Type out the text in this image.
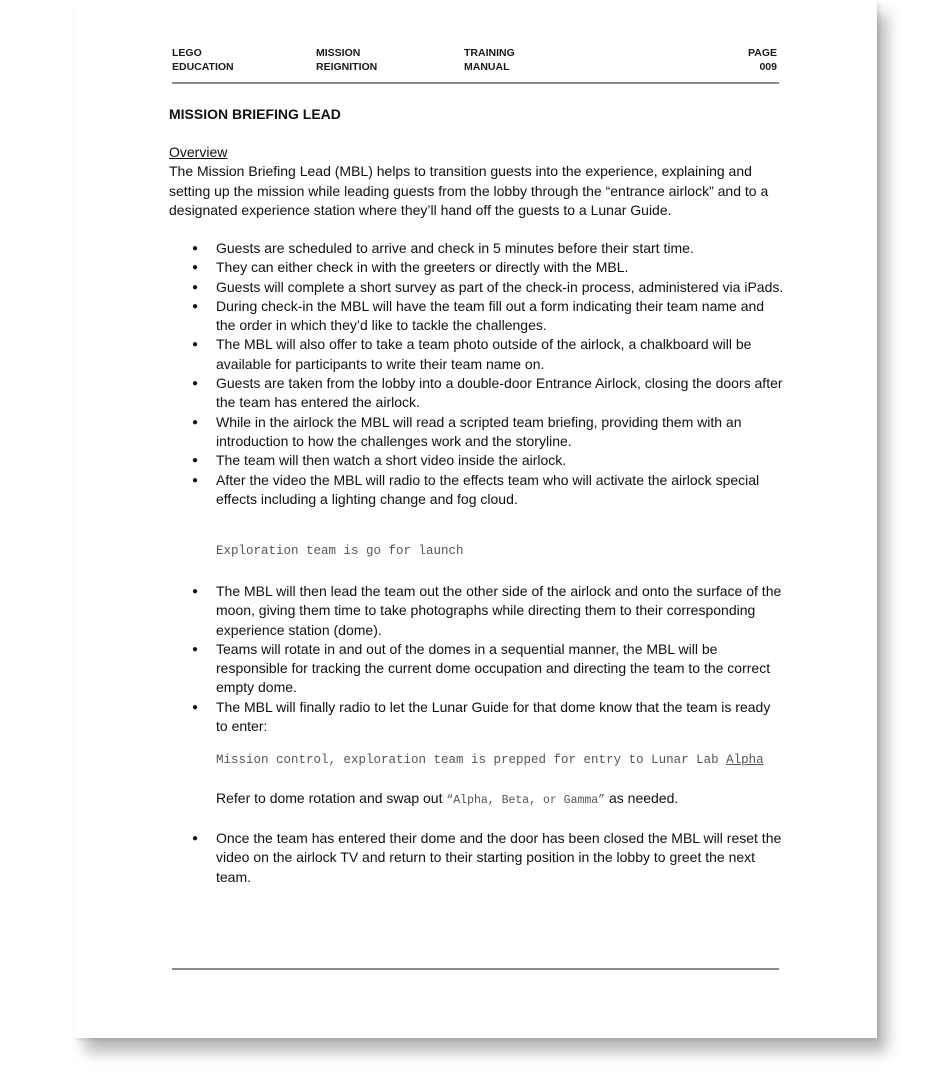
LEGO
EDUCATION
MISSION
REIGNITION
TRAINING
MANUAL
PAGE
009
MISSION BRIEFING LEAD
Overview
The Mission Briefing Lead (MBL) helps to transition guests into the experience, explaining and setting up the mission while leading guests from the lobby through the “entrance airlock” and to a designated experience station where they’ll hand off the guests to a Lunar Guide.
● Guests are scheduled to arrive and check in 5 minutes before their start time.
● They can either check in with the greeters or directly with the MBL.
● Guests will complete a short survey as part of the check-in process, administered via iPads.
● During check-in the MBL will have the team fill out a form indicating their team name and the order in which they’d like to tackle the challenges.
● The MBL will also offer to take a team photo outside of the airlock, a chalkboard will be available for participants to write their team name on.
● Guests are taken from the lobby into a double-door Entrance Airlock, closing the doors after the team has entered the airlock.
● While in the airlock the MBL will read a scripted team briefing, providing them with an introduction to how the challenges work and the storyline.
● The team will then watch a short video inside the airlock.
● After the video the MBL will radio to the effects team who will activate the airlock special effects including a lighting change and fog cloud.
Exploration team is go for launch
● The MBL will then lead the team out the other side of the airlock and onto the surface of the moon, giving them time to take photographs while directing them to their corresponding experience station (dome).
● Teams will rotate in and out of the domes in a sequential manner, the MBL will be responsible for tracking the current dome occupation and directing the team to the correct empty dome.
● The MBL will finally radio to let the Lunar Guide for that dome know that the team is ready to enter:
Mission control, exploration team is prepped for entry to Lunar Lab Alpha
Refer to dome rotation and swap out “Alpha, Beta, or Gamma” as needed.
● Once the team has entered their dome and the door has been closed the MBL will reset the video on the airlock TV and return to their starting position in the lobby to greet the next team.
